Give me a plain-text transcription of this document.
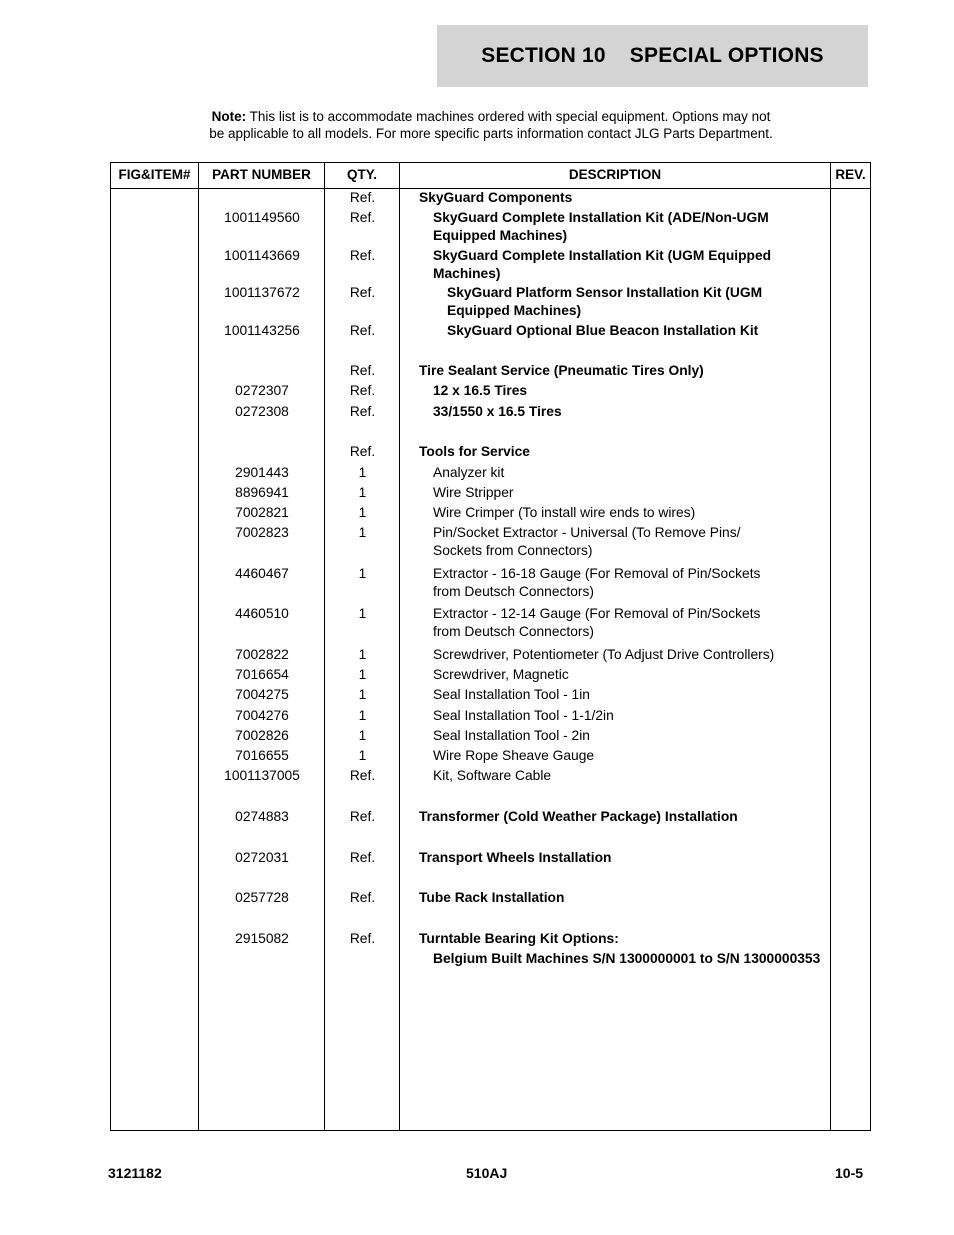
SECTION 10 SPECIAL OPTIONS
Note: This list is to accommodate machines ordered with special equipment. Options may not
be applicable to all models. For more specific parts information contact JLG Parts Department.
FIG&ITEM#	PART NUMBER	QTY.	DESCRIPTION	REV.
Ref.	SkyGuard Components
1001149560	Ref.	SkyGuard Complete Installation Kit (ADE/Non-UGM
Equipped Machines)
1001143669	Ref.	SkyGuard Complete Installation Kit (UGM Equipped
Machines)
1001137672	Ref.	SkyGuard Platform Sensor Installation Kit (UGM
Equipped Machines)
1001143256	Ref.	SkyGuard Optional Blue Beacon Installation Kit
Ref.	Tire Sealant Service (Pneumatic Tires Only)
0272307	Ref.	12 x 16.5 Tires
0272308	Ref.	33/1550 x 16.5 Tires
Ref.	Tools for Service
2901443	1	Analyzer kit
8896941	1	Wire Stripper
7002821	1	Wire Crimper (To install wire ends to wires)
7002823	1	Pin/Socket Extractor - Universal (To Remove Pins/
Sockets from Connectors)
4460467	1	Extractor - 16-18 Gauge (For Removal of Pin/Sockets
from Deutsch Connectors)
4460510	1	Extractor - 12-14 Gauge (For Removal of Pin/Sockets
from Deutsch Connectors)
7002822	1	Screwdriver, Potentiometer (To Adjust Drive Controllers)
7016654	1	Screwdriver, Magnetic
7004275	1	Seal Installation Tool - 1in
7004276	1	Seal Installation Tool - 1-1/2in
7002826	1	Seal Installation Tool - 2in
7016655	1	Wire Rope Sheave Gauge
1001137005	Ref.	Kit, Software Cable
0274883	Ref.	Transformer (Cold Weather Package) Installation
0272031	Ref.	Transport Wheels Installation
0257728	Ref.	Tube Rack Installation
2915082	Ref.	Turntable Bearing Kit Options:
Belgium Built Machines S/N 1300000001 to S/N 1300000353
3121182	510AJ	10-5
